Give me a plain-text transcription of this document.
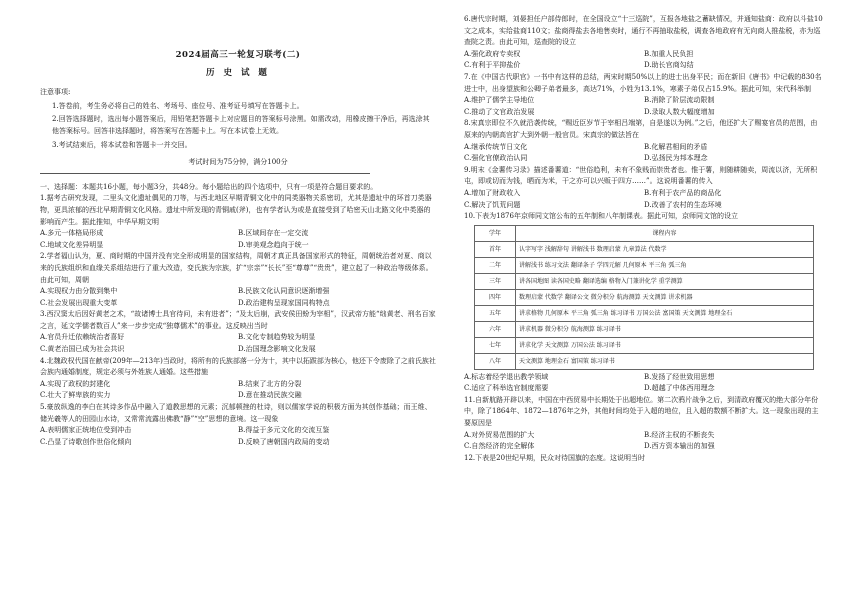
2024届高三一轮复习联考(二)
历 史 试 题
注意事项:

1.答卷前，考生务必将自己的姓名、考场号、座位号、准考证号填写在答题卡上。

2.回答选择题时，选出每小题答案后，用铅笔把答题卡上对应题目的答案标号涂黑。如需改动，用橡皮擦干净后，再选涂其他答案标号。回答非选择题时，将答案写在答题卡上。写在本试卷上无效。

3.考试结束后，将本试卷和答题卡一并交回。

考试时间为75分钟，满分100分

一、选择题：本题共16小题，每小题3分，共48分。每小题给出的四个选项中，只有一项是符合题目要求的。

1.据考古研究发现，二里头文化遗址偶见的刀等，与西北地区早期青铜文化中的同类器物关系密切，尤其是遗址中的环首刀类器物，更具浓郁的西北早期青铜文化风格。遗址中所发现的青铜戚(斧)，也有学者认为或是直接受到了哈密天山北路文化中类器的影响而产生。据此推知，中华早期文明

A.多元一体格局形成	B.区域间存在一定交流
C.地域文化差异明显	D.审美观念趋向于统一

2.学者福山认为，夏、商时期的中国并没有完全形成明显的国家结构，周朝才真正具备国家形式的特征，周朝统治者对夏、商以来的氏族组织和血缘关系组结进行了重大改造，变氏族为宗族，扩“宗亲”“长长”至“尊尊”“贵贵”，建立起了一种政治等级体系。由此可知，周朝

A.实现权力由分散到集中	B.民族文化认同意识逐渐增强
C.社会发展出现重大变革	D.政治建构呈现家国同构特点

3.西汉窦太后因好黄老之术，“故诸博士具官待问，未有进者”；“及太后崩，武安侯田蚡为宰相”，汉武帝方能“绌黄老、刑名百家之言，延文学儒者数百人”来一步步完成“独尊儒术”的事业。这反映出当时

A.官员升迁依赖统治者喜好	B.文化专制趋势较为明显
C.黄老治国已成为社会共识	D.治国理念影响文化发展

4.北魏政权代国在献帝(209年—213年)当政时，将所有的氏族部落一分为十，其中以拓跋部为核心，他还下令废除了之前氏族社会族内通婚制度，规定必须与外姓族人通婚。这些措施

A.实现了政权的封建化	B.结束了北方的分裂
C.壮大了鲜卑族的实力	D.意在推动民族交融

5.豪放纵逸的李白在其诗多作品中融入了道教思想的元素；沉郁顿挫的杜诗，则以儒家学说的积极方面为其创作基础；而王维、储光羲等人的田园山水诗，又常常流露出佛教“静”“空”思想的意境。这一现象

A.表明儒家正统地位受到冲击	B.得益于多元文化的交流互鉴
C.凸显了诗歌创作世俗化倾向	D.反映了唐朝国内政局的变动

6.唐代宗时期，刘晏担任户部侍郎时，在全国设立“十三巡院”，互报各地盐之蓄缺情况，并通知盐商：政府以斗盐10文之成本，实给盐商110文；盐商得盐去各地售卖时，通行不再抽取盐税，调查各地政府有无向商人推盐税，亦为巡查院之责。由此可知，巡查院的设立

A.强化政府专卖权	B.加重人民负担
C.有利于平抑盐价	D.助长官商勾结

7.在《中国古代职官》一书中有这样的总结，两宋时期50%以上的进士出身平民；而在新旧《唐书》中记载的830名进士中，出身望族和公卿子弟者最多，高达71%，小姓为13.1%，寒素子弟仅占15.9%。据此可知，宋代科举制

A.维护了儒学主导地位	B.消除了阶层流动限制
C.推动了文官政治发展	D.录取人数大幅度增加

8.宋真宗即位不久就沿袭传统，“赐近臣岁节于宰相吕端第，自是遂以为例。”之后，他还扩大了赐宴官员的范围，由原来的内朝高官扩大到外朝一般官员。宋真宗的做法旨在

A.继承传统节日文化	B.化解君相间的矛盾
C.强化官僚政治认同	D.弘扬民为邦本理念

9.明末《金薯传习录》描述番薯道：“世俗趋利，未有不象贱而崇贵者也。惟于薯，则随耕随卖，周流以济，无所积屯，即或切而为钱，晒而为米，干之亦可以兴贩于四方……”。这说明番薯的传入

A.增加了财政收入	B.有利于农产品的商品化
C.解决了饥荒问题	D.改善了农村的生态环境

10.下表为1876年京师同文馆公布的五年制和八年制课表。据此可知，京师同文馆的设立

学年	课程内容
首年	认字写字 浅解辞句 讲解浅书 数理启蒙 九章算法 代数学
二年	讲解浅书 练习文法 翻译条子 学四元解 几何原本 平三角 弧三角
三年	讲各国地图 读各国史略 翻译选编 格物入门兼讲化学 重学测算
四年	数理启蒙 代数学 翻译公文 微分积分 航海测算 天文测算 讲求机器
五年	讲求格物 几何原本 平三角 弧三角 练习译书 万国公法 富国策 天文测算 地理金石
六年	讲求机器 微分积分 航海测算 练习译书
七年	讲求化学 天文测算 万国公法 练习译书
八年	天文测算 地理金石 富国策 练习译书
A.标志着经学退出教学领域	B.发扬了经世致用思想
C.适应了科举选官制度需要	D.超越了中体西用理念

11.自新航路开辟以来，中国在中西贸易中长期处于出超地位。第二次鸦片战争之后，到清政府覆灭的绝大部分年份中，除了1864年、1872—1876年之外，其他时间均处于入超的地位，且入超的数额不断扩大。这一现象出现的主要原因是

A.对外贸易范围的扩大	B.经济主权的不断丧失
C.自然经济的完全解体	D.西方资本输出的加强

12.下表是20世纪早期，民众对待国旗的态度。这说明当时
